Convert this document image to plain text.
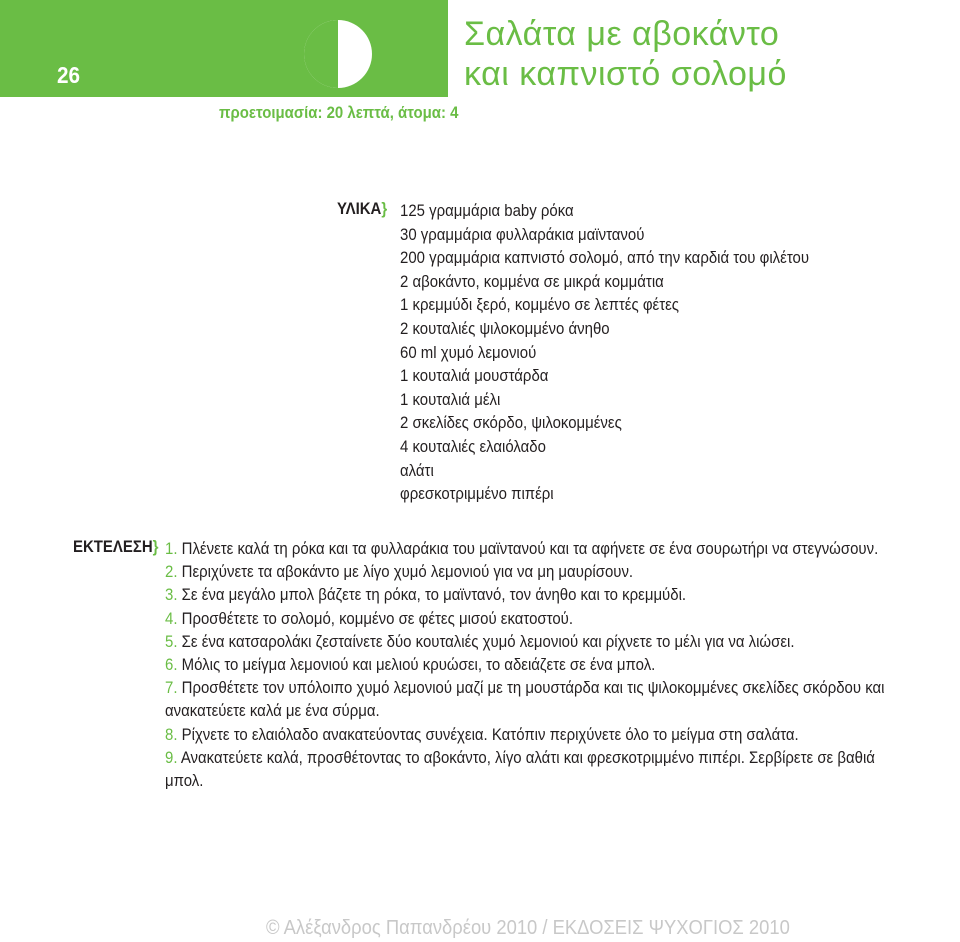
26
Σαλάτα με αβοκάντο
και καπνιστό σολομό
προετοιμασία: 20 λεπτά, άτομα: 4
ΥΛΙΚΑ} 125 γραμμάρια baby ρόκα
30 γραμμάρια φυλλαράκια μαϊντανού
200 γραμμάρια καπνιστό σολομό, από την καρδιά του φιλέτου
2 αβοκάντο, κομμένα σε μικρά κομμάτια
1 κρεμμύδι ξερό, κομμένο σε λεπτές φέτες
2 κουταλιές ψιλοκομμένο άνηθο
60 ml χυμό λεμονιού
1 κουταλιά μουστάρδα
1 κουταλιά μέλι
2 σκελίδες σκόρδο, ψιλοκομμένες
4 κουταλιές ελαιόλαδο
αλάτι
φρεσκοτριμμένο πιπέρι
ΕΚΤΕΛΕΣΗ} 1. Πλένετε καλά τη ρόκα και τα φυλλαράκια του μαϊντανού και τα αφήνετε σε ένα σουρωτήρι να στεγνώσουν.
2. Περιχύνετε τα αβοκάντο με λίγο χυμό λεμονιού για να μη μαυρίσουν.
3. Σε ένα μεγάλο μπολ βάζετε τη ρόκα, το μαϊντανό, τον άνηθο και το κρεμμύδι.
4. Προσθέτετε το σολομό, κομμένο σε φέτες μισού εκατοστού.
5. Σε ένα κατσαρολάκι ζεσταίνετε δύο κουταλιές χυμό λεμονιού και ρίχνετε το μέλι για να λιώσει.
6. Μόλις το μείγμα λεμονιού και μελιού κρυώσει, το αδειάζετε σε ένα μπολ.
7. Προσθέτετε τον υπόλοιπο χυμό λεμονιού μαζί με τη μουστάρδα και τις ψιλοκομμένες σκελίδες σκόρδου και ανακατεύετε καλά με ένα σύρμα.
8. Ρίχνετε το ελαιόλαδο ανακατεύοντας συνέχεια. Κατόπιν περιχύνετε όλο το μείγμα στη σαλάτα.
9. Ανακατεύετε καλά, προσθέτοντας το αβοκάντο, λίγο αλάτι και φρεσκοτριμμένο πιπέρι. Σερβίρετε σε βαθιά μπολ.
© Αλέξανδρος Παπανδρέου 2010 / ΕΚΔΟΣΕΙΣ ΨΥΧΟΓΙΟΣ 2010
